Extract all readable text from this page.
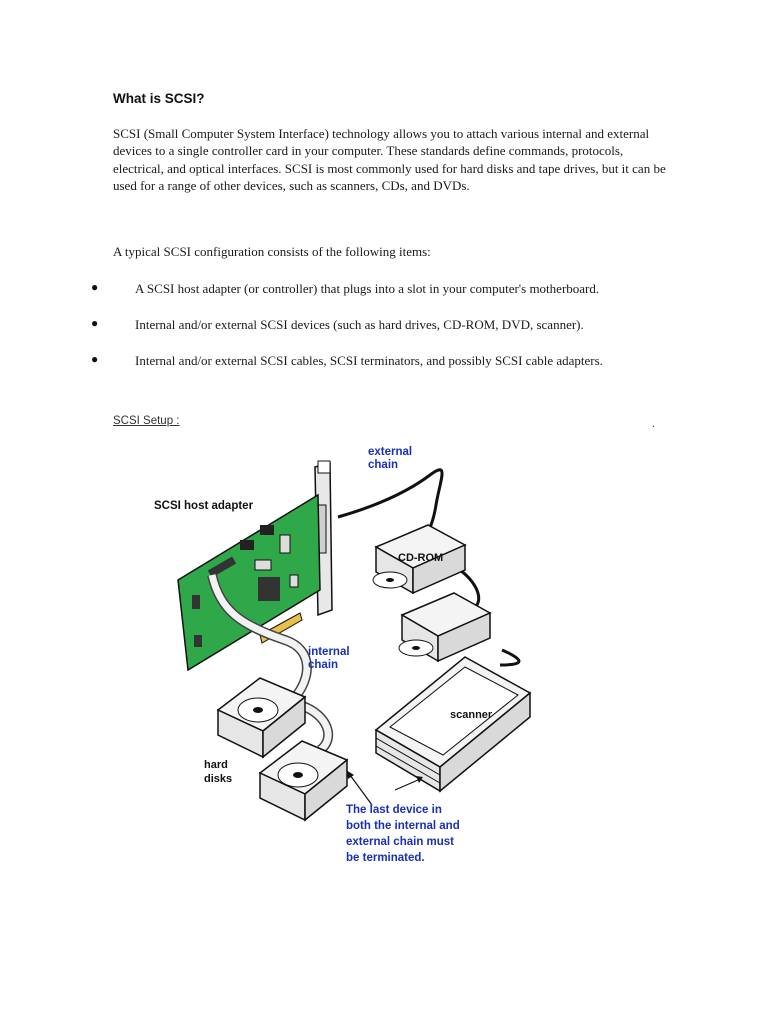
What is SCSI?
SCSI (Small Computer System Interface) technology allows you to attach various internal and external devices to a single controller card in your computer. These standards define commands, protocols, electrical, and optical interfaces. SCSI is most commonly used for hard disks and tape drives, but it can be used for a range of other devices, such as scanners, CDs, and DVDs.
A typical SCSI configuration consists of the following items:
●	A SCSI host adapter (or controller) that plugs into a slot in your computer's motherboard.
●	Internal and/or external SCSI devices (such as hard drives, CD-ROM, DVD, scanner).
●	Internal and/or external SCSI cables, SCSI terminators, and possibly SCSI cable adapters.
SCSI Setup :	.
SCSI host adapter
external
chain
internal
chain
CD-ROM
scanner
hard
disks
The last device in
both the internal and
external chain must
be terminated.
